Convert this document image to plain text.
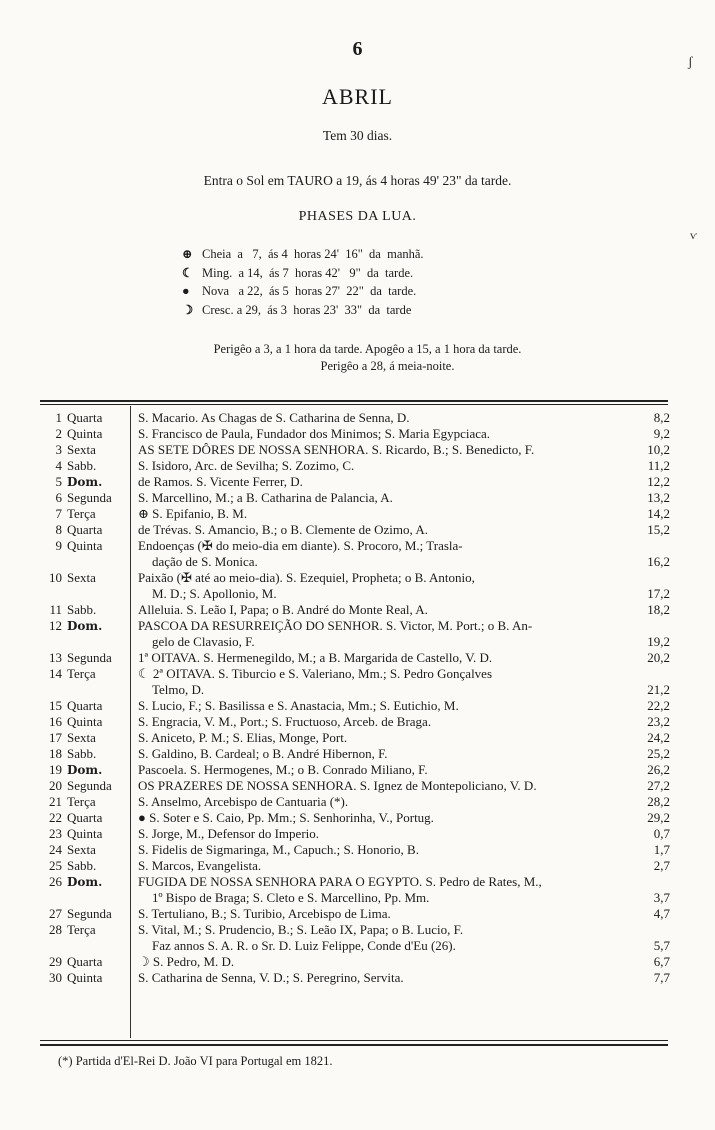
6
ABRIL
Tem 30 dias.
Entra o Sol em TAURO a 19, ás 4 horas 49' 23" da tarde.
PHASES DA LUA.
⊕ Cheia  a   7,  ás 4  horas 24'  16"  da  manhã.
☾ Ming.  a 14,  ás 7  horas 42'   9"  da  tarde.
● Nova   a 22,  ás 5  horas 27'  22"  da  tarde.
☽ Cresc. a 29,  ás 3  horas 23'  33"  da  tarde
Perigêo a 3, a 1 hora da tarde. Apogêo a 15, a 1 hora da tarde.
Perigêo a 28, á meia-noite.
1 Quarta	S. Macario. As Chagas de S. Catharina de Senna, D.	8,2
2 Quinta	S. Francisco de Paula, Fundador dos Minimos; S. Maria Egypciaca.	9,2
3 Sexta	AS SETE DÔRES DE NOSSA SENHORA. S. Ricardo, B.; S. Benedicto, F.	10,2
4 Sabb.	S. Isidoro, Arc. de Sevilha; S. Zozimo, C.	11,2
5 Dom.	de Ramos. S. Vicente Ferrer, D.	12,2
6 Segunda	S. Marcellino, M.; a B. Catharina de Palancia, A.	13,2
7 Terça	⊕ S. Epifanio, B. M.	14,2
8 Quarta	de Trévas. S. Amancio, B.; o B. Clemente de Ozimo, A.	15,2
9 Quinta	Endoenças (✠ do meio-dia em diante). S. Procoro, M.; Trasla-
dação de S. Monica.	16,2
10 Sexta	Paixão (✠ até ao meio-dia). S. Ezequiel, Propheta; o B. Antonio,
M. D.; S. Apollonio, M.	17,2
11 Sabb.	Alleluia. S. Leão I, Papa; o B. André do Monte Real, A.	18,2
12 Dom.	PASCOA DA RESURREIÇÃO DO SENHOR. S. Victor, M. Port.; o B. An-
gelo de Clavasio, F.	19,2
13 Segunda	1ª OITAVA. S. Hermenegildo, M.; a B. Margarida de Castello, V. D.	20,2
14 Terça	☾ 2ª OITAVA. S. Tiburcio e S. Valeriano, Mm.; S. Pedro Gonçalves
Telmo, D.	21,2
15 Quarta	S. Lucio, F.; S. Basilissa e S. Anastacia, Mm.; S. Eutichio, M.	22,2
16 Quinta	S. Engracia, V. M., Port.; S. Fructuoso, Arceb. de Braga.	23,2
17 Sexta	S. Aniceto, P. M.; S. Elias, Monge, Port.	24,2
18 Sabb.	S. Galdino, B. Cardeal; o B. André Hibernon, F.	25,2
19 Dom.	Pascoela. S. Hermogenes, M.; o B. Conrado Miliano, F.	26,2
20 Segunda	OS PRAZERES DE NOSSA SENHORA. S. Ignez de Montepoliciano, V. D.	27,2
21 Terça	S. Anselmo, Arcebispo de Cantuaria (*).	28,2
22 Quarta	● S. Soter e S. Caio, Pp. Mm.; S. Senhorinha, V., Portug.	29,2
23 Quinta	S. Jorge, M., Defensor do Imperio.	0,7
24 Sexta	S. Fidelis de Sigmaringa, M., Capuch.; S. Honorio, B.	1,7
25 Sabb.	S. Marcos, Evangelista.	2,7
26 Dom.	FUGIDA DE NOSSA SENHORA PARA O EGYPTO. S. Pedro de Rates, M.,
1º Bispo de Braga; S. Cleto e S. Marcellino, Pp. Mm.	3,7
27 Segunda	S. Tertuliano, B.; S. Turibio, Arcebispo de Lima.	4,7
28 Terça	S. Vital, M.; S. Prudencio, B.; S. Leão IX, Papa; o B. Lucio, F.
Faz annos S. A. R. o Sr. D. Luiz Felippe, Conde d'Eu (26).	5,7
29 Quarta	☽ S. Pedro, M. D.	6,7
30 Quinta	S. Catharina de Senna, V. D.; S. Peregrino, Servita.	7,7
(*) Partida d'El-Rei D. João VI para Portugal em 1821.
ʃ
ⱱ
